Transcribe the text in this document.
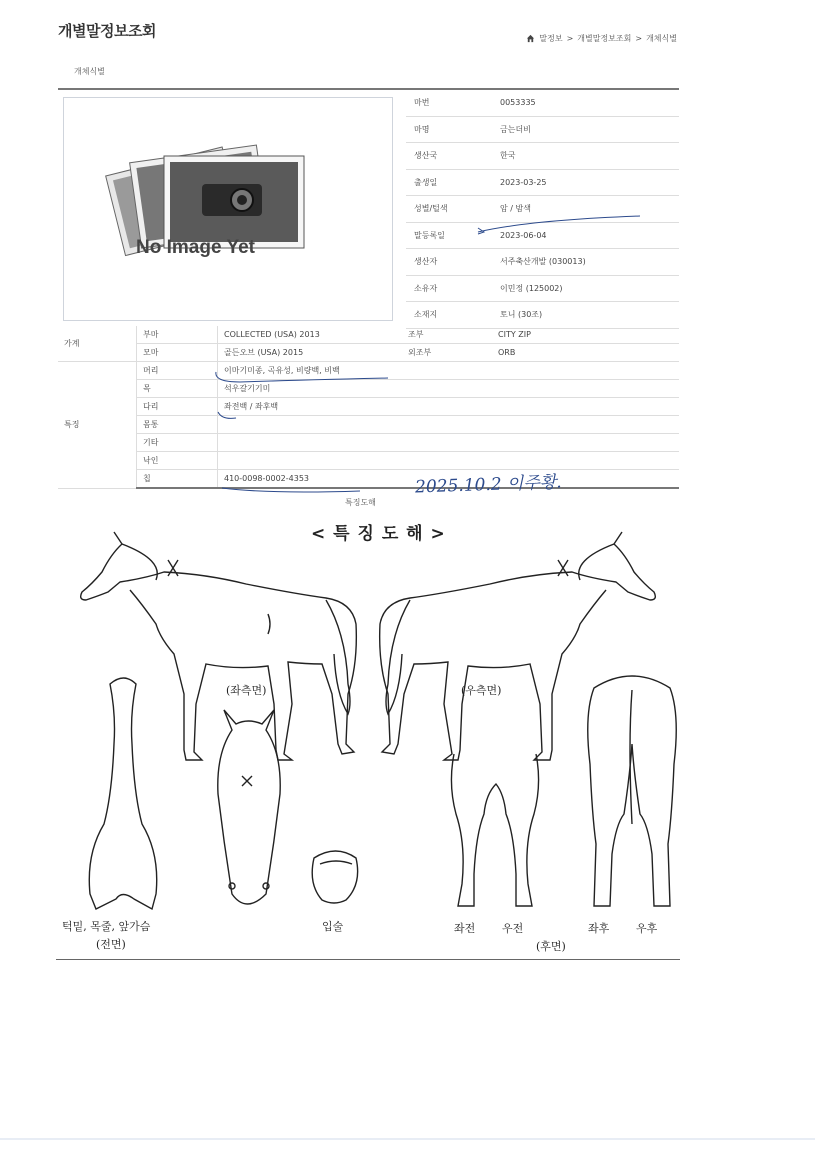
개별말정보조회	말정보 > 개별말정보조회 > 개체식별
개체식별
No Image Yet
마번	0053335
마명	금는더비
생산국	한국
출생일	2023-03-25
성별/털색	암 / 밤색
말등록일	2023-06-04
생산자	서주축산개발 (030013)
소유자	이민정 (125002)
소재지	토니 (30조)
가계	부마	COLLECTED (USA) 2013	조부	CITY ZIP
	모마	골든오브 (USA) 2015	외조부	ORB
특징	머리	이마기미종, 곡유성, 비량백, 비백		
	목	석우갈기기미		
	다리	좌전백 / 좌후백		
	몸통			
	기타			
	낙인			
	칩	410-0098-0002-4353			2025.10.2 이주황.
특징도해
< 특 징 도 해 >
(좌측면)	(우측면)
턱밑, 목줄, 앞가슴
(전면)
입술	좌전 우전	좌후 우후
(후면)
